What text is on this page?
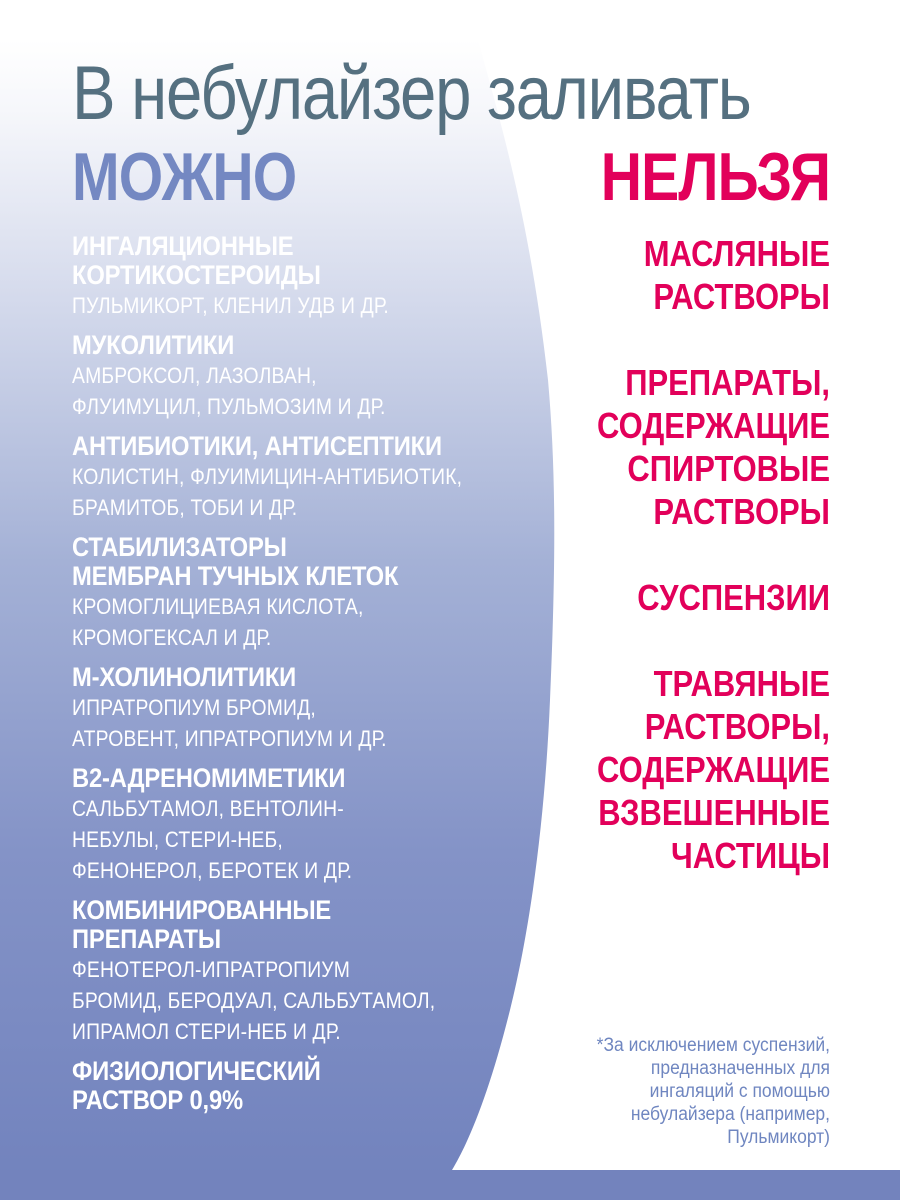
В небулайзер заливать
МОЖНО	НЕЛЬЗЯ
ИНГАЛЯЦИОННЫЕ
КОРТИКОСТЕРОИДЫ
ПУЛЬМИКОРТ, КЛЕНИЛ УДВ И ДР.
МУКОЛИТИКИ
АМБРОКСОЛ, ЛАЗОЛВАН,
ФЛУИМУЦИЛ, ПУЛЬМОЗИМ И ДР.
АНТИБИОТИКИ, АНТИСЕПТИКИ
КОЛИСТИН, ФЛУИМИЦИН-АНТИБИОТИК,
БРАМИТОБ, ТОБИ И ДР.
СТАБИЛИЗАТОРЫ
МЕМБРАН ТУЧНЫХ КЛЕТОК
КРОМОГЛИЦИЕВАЯ КИСЛОТА,
КРОМОГЕКСАЛ И ДР.
М-ХОЛИНОЛИТИКИ
ИПРАТРОПИУМ БРОМИД,
АТРОВЕНТ, ИПРАТРОПИУМ И ДР.
В2-АДРЕНОМИМЕТИКИ
САЛЬБУТАМОЛ, ВЕНТОЛИН-
НЕБУЛЫ, СТЕРИ-НЕБ,
ФЕНОНЕРОЛ, БЕРОТЕК И ДР.
КОМБИНИРОВАННЫЕ
ПРЕПАРАТЫ
ФЕНОТЕРОЛ-ИПРАТРОПИУМ
БРОМИД, БЕРОДУАЛ, САЛЬБУТАМОЛ,
ИПРАМОЛ СТЕРИ-НЕБ И ДР.
ФИЗИОЛОГИЧЕСКИЙ
РАСТВОР 0,9%
МАСЛЯНЫЕ
РАСТВОРЫ
ПРЕПАРАТЫ,
СОДЕРЖАЩИЕ
СПИРТОВЫЕ
РАСТВОРЫ
СУСПЕНЗИИ
ТРАВЯНЫЕ
РАСТВОРЫ,
СОДЕРЖАЩИЕ
ВЗВЕШЕННЫЕ
ЧАСТИЦЫ
*За исключением суспензий,
предназначенных для
ингаляций с помощью
небулайзера (например,
Пульмикорт)
